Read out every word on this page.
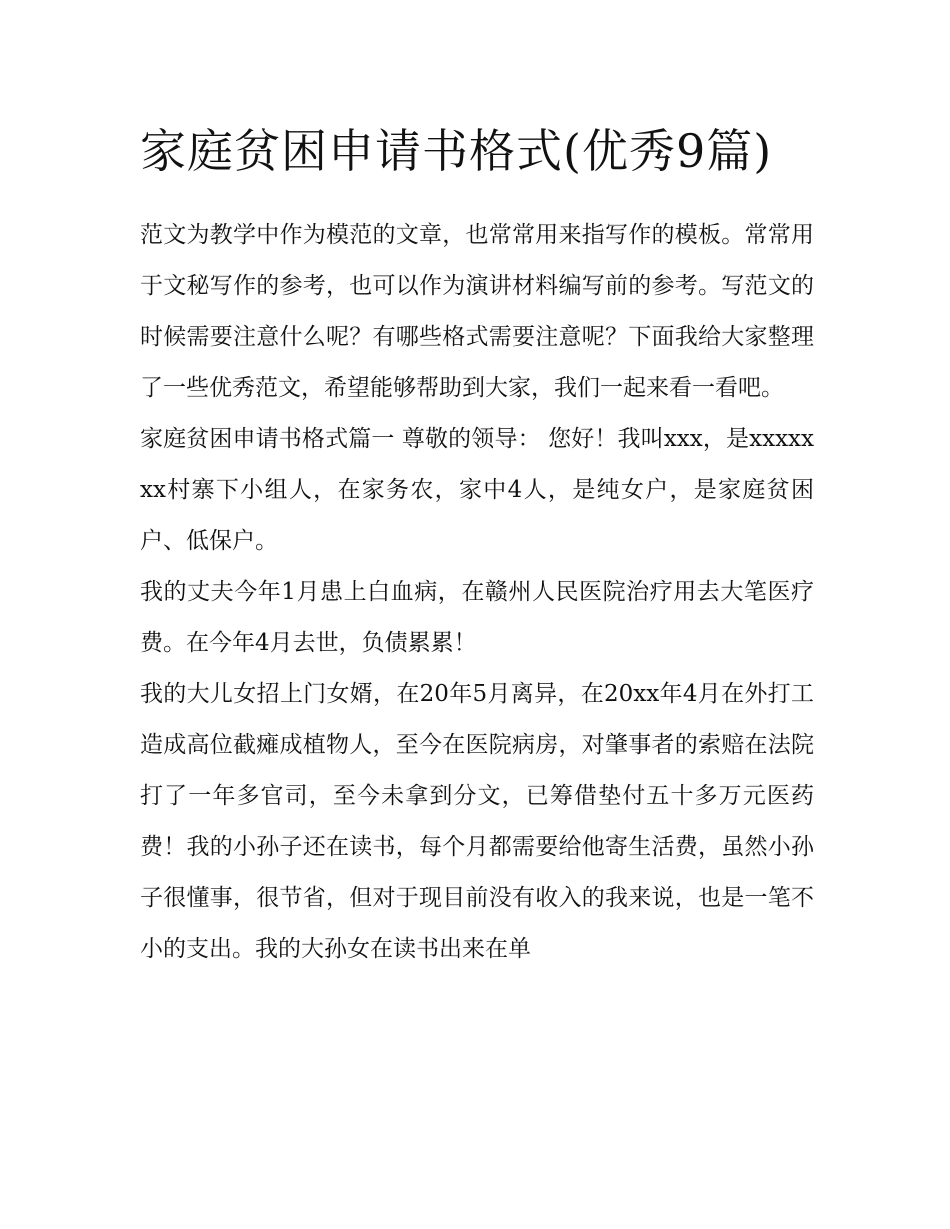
家庭贫困申请书格式(优秀9篇)

范文为教学中作为模范的文章，也常常用来指写作的模板。常常用于文秘写作的参考，也可以作为演讲材料编写前的参考。写范文的时候需要注意什么呢？有哪些格式需要注意呢？下面我给大家整理了一些优秀范文，希望能够帮助到大家，我们一起来看一看吧。

家庭贫困申请书格式篇一 尊敬的领导： 您好！我叫xxx，是xxxxxxx村寨下小组人，在家务农，家中4人，是纯女户，是家庭贫困户、低保户。

我的丈夫今年1月患上白血病，在赣州人民医院治疗用去大笔医疗费。在今年4月去世，负债累累！

我的大儿女招上门女婿，在20年5月离异，在20xx年4月在外打工造成高位截瘫成植物人，至今在医院病房，对肇事者的索赔在法院打了一年多官司，至今未拿到分文，已筹借垫付五十多万元医药费！我的小孙子还在读书，每个月都需要给他寄生活费，虽然小孙子很懂事，很节省，但对于现目前没有收入的我来说，也是一笔不小的支出。我的大孙女在读书出来在单
